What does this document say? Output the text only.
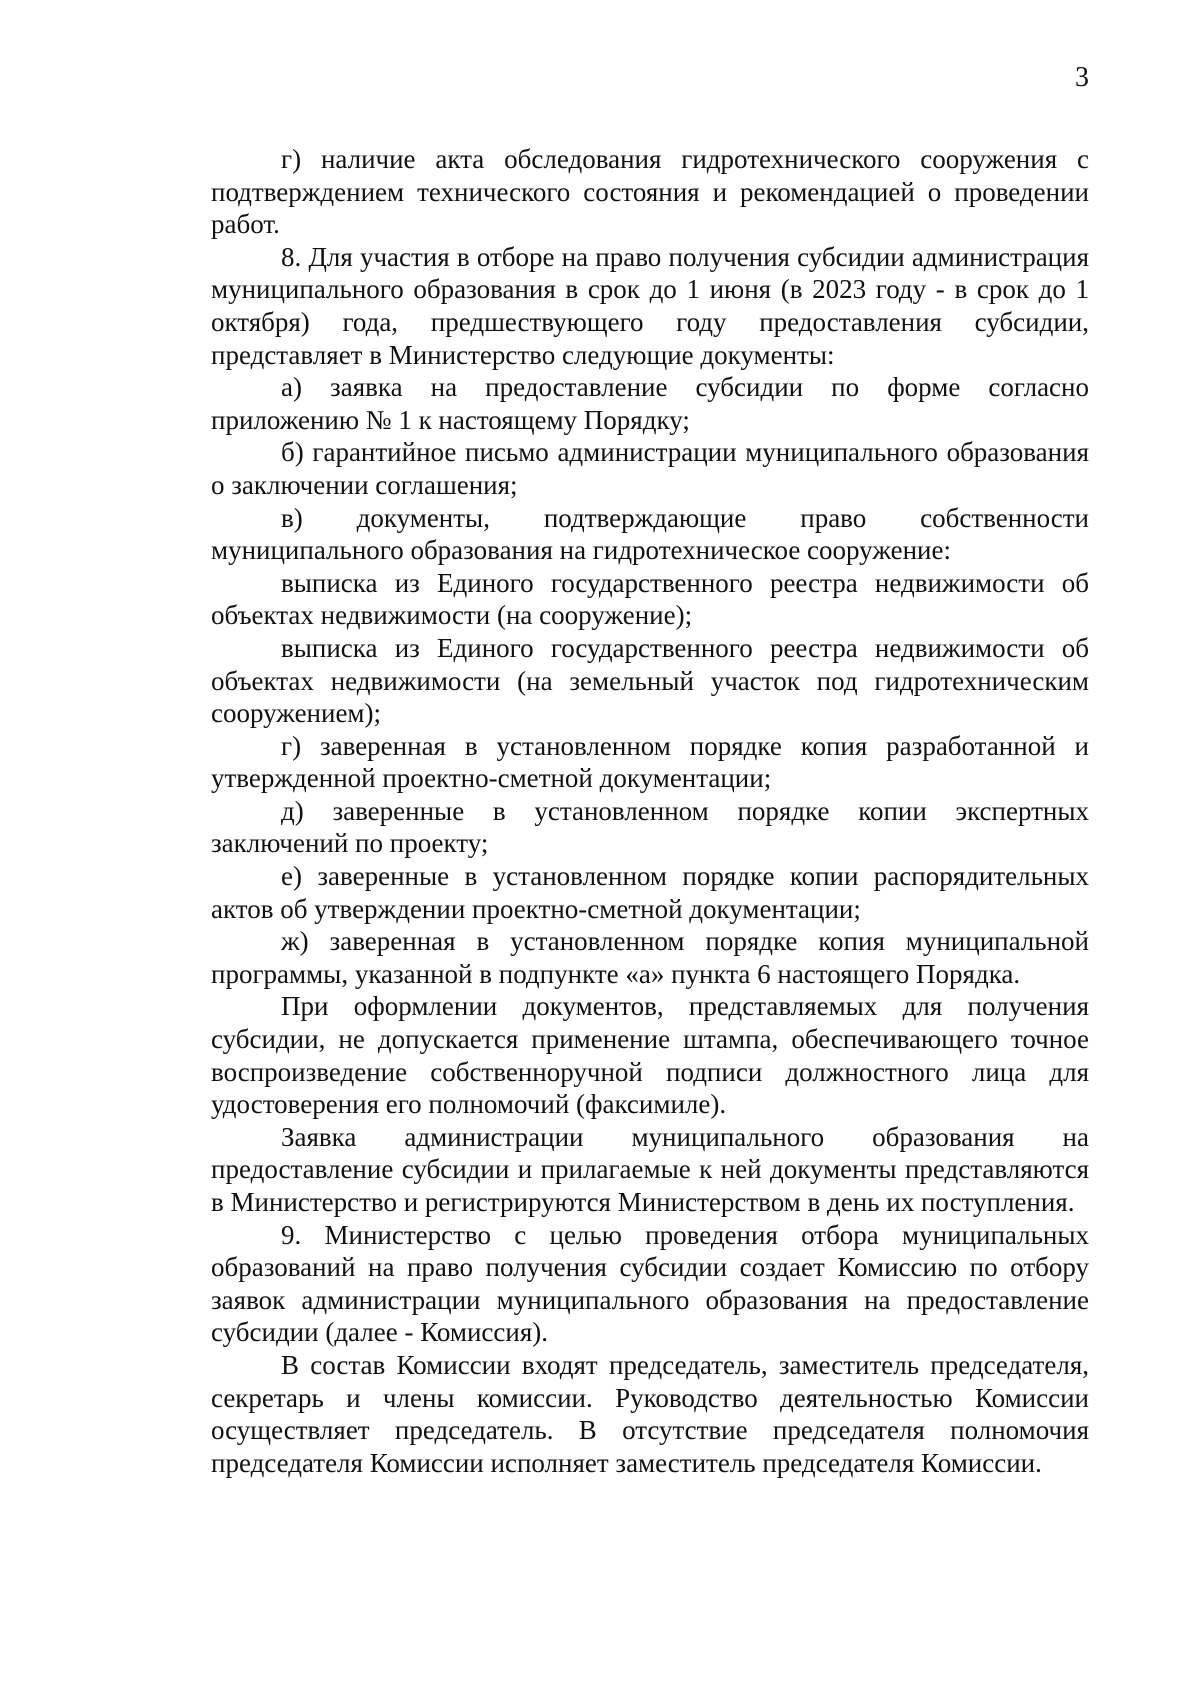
3

г) наличие акта обследования гидротехнического сооружения с подтверждением технического состояния и рекомендацией о проведении работ.

8. Для участия в отборе на право получения субсидии администрация муниципального образования в срок до 1 июня (в 2023 году - в срок до 1 октября) года, предшествующего году предоставления субсидии, представляет в Министерство следующие документы:

а) заявка на предоставление субсидии по форме согласно приложению № 1 к настоящему Порядку;

б) гарантийное письмо администрации муниципального образования о заключении соглашения;

в) документы, подтверждающие право собственности муниципального образования на гидротехническое сооружение:

выписка из Единого государственного реестра недвижимости об объектах недвижимости (на сооружение);

выписка из Единого государственного реестра недвижимости об объектах недвижимости (на земельный участок под гидротехническим сооружением);

г) заверенная в установленном порядке копия разработанной и утвержденной проектно-сметной документации;

д) заверенные в установленном порядке копии экспертных заключений по проекту;

е) заверенные в установленном порядке копии распорядительных актов об утверждении проектно-сметной документации;

ж) заверенная в установленном порядке копия муниципальной программы, указанной в подпункте «а» пункта 6 настоящего Порядка.

При оформлении документов, представляемых для получения субсидии, не допускается применение штампа, обеспечивающего точное воспроизведение собственноручной подписи должностного лица для удостоверения его полномочий (факсимиле).

Заявка администрации муниципального образования на предоставление субсидии и прилагаемые к ней документы представляются в Министерство и регистрируются Министерством в день их поступления.

9. Министерство с целью проведения отбора муниципальных образований на право получения субсидии создает Комиссию по отбору заявок администрации муниципального образования на предоставление субсидии (далее - Комиссия).

В состав Комиссии входят председатель, заместитель председателя, секретарь и члены комиссии. Руководство деятельностью Комиссии осуществляет председатель. В отсутствие председателя полномочия председателя Комиссии исполняет заместитель председателя Комиссии.
